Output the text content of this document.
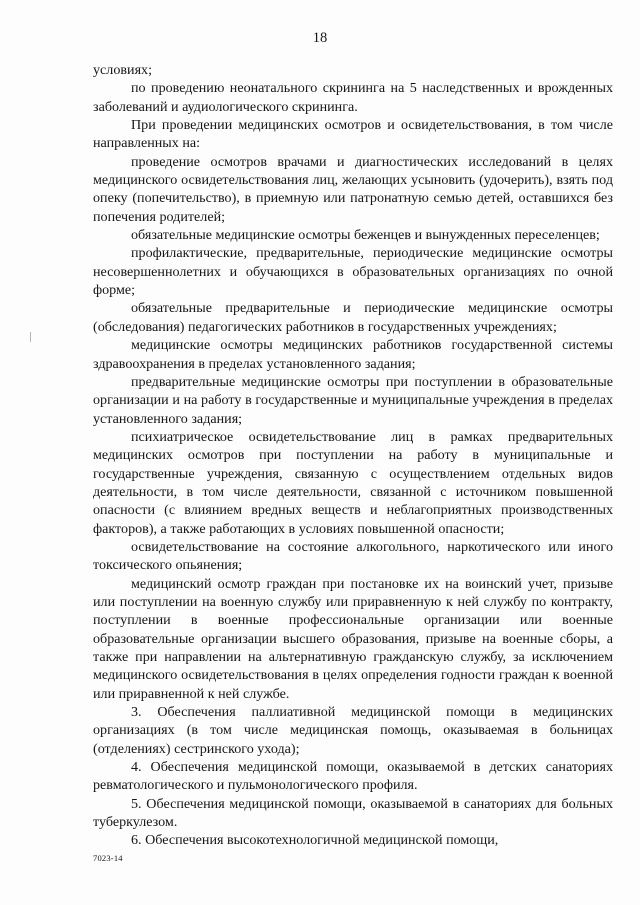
18

условиях;

по проведению неонатального скрининга на 5 наследственных и врожденных заболеваний и аудиологического скрининга.

При проведении медицинских осмотров и освидетельствования, в том числе направленных на:

проведение осмотров врачами и диагностических исследований в целях медицинского освидетельствования лиц, желающих усыновить (удочерить), взять под опеку (попечительство), в приемную или патронатную семью детей, оставшихся без попечения родителей;

обязательные медицинские осмотры беженцев и вынужденных переселенцев;

профилактические, предварительные, периодические медицинские осмотры несовершеннолетних и обучающихся в образовательных организациях по очной форме;

обязательные предварительные и периодические медицинские осмотры (обследования) педагогических работников в государственных учреждениях;

медицинские осмотры медицинских работников государственной системы здравоохранения в пределах установленного задания;

предварительные медицинские осмотры при поступлении в образовательные организации и на работу в государственные и муниципальные учреждения в пределах установленного задания;

психиатрическое освидетельствование лиц в рамках предварительных медицинских осмотров при поступлении на работу в муниципальные и государственные учреждения, связанную с осуществлением отдельных видов деятельности, в том числе деятельности, связанной с источником повышенной опасности (с влиянием вредных веществ и неблагоприятных производственных факторов), а также работающих в условиях повышенной опасности;

освидетельствование на состояние алкогольного, наркотического или иного токсического опьянения;

медицинский осмотр граждан при постановке их на воинский учет, призыве или поступлении на военную службу или приравненную к ней службу по контракту, поступлении в военные профессиональные организации или военные образовательные организации высшего образования, призыве на военные сборы, а также при направлении на альтернативную гражданскую службу, за исключением медицинского освидетельствования в целях определения годности граждан к военной или приравненной к ней службе.

3. Обеспечения паллиативной медицинской помощи в медицинских организациях (в том числе медицинская помощь, оказываемая в больницах (отделениях) сестринского ухода);

4. Обеспечения медицинской помощи, оказываемой в детских санаториях ревматологического и пульмонологического профиля.

5. Обеспечения медицинской помощи, оказываемой в санаториях для больных туберкулезом.

6. Обеспечения высокотехнологичной медицинской помощи,

7023-14
